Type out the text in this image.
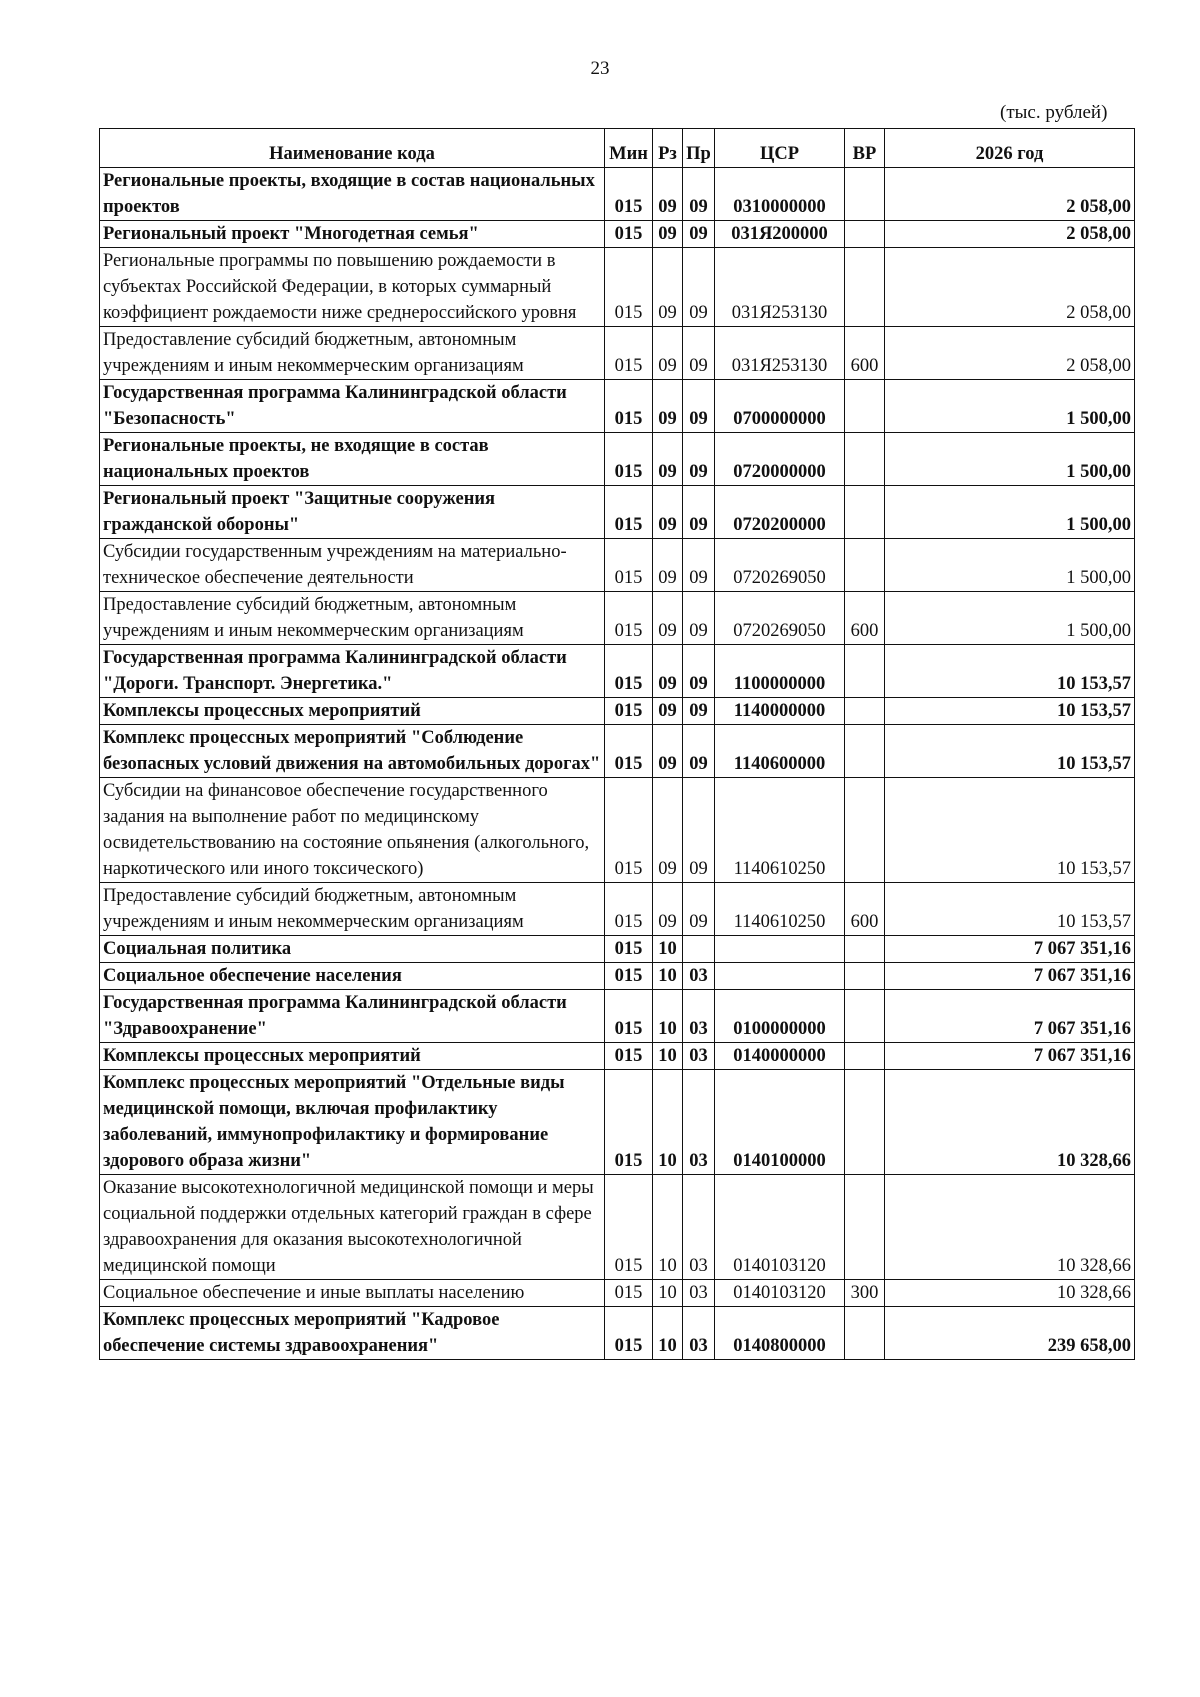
23
(тыс. рублей)
Наименование кода	Мин	Рз	Пр	ЦСР	ВР	2026 год
Региональные проекты, входящие в состав национальных проектов	015	09	09	0310000000		2 058,00
Региональный проект "Многодетная семья"	015	09	09	031Я200000		2 058,00
Региональные программы по повышению рождаемости в субъектах Российской Федерации, в которых суммарный коэффициент рождаемости ниже среднероссийского уровня	015	09	09	031Я253130		2 058,00
Предоставление субсидий бюджетным, автономным учреждениям и иным некоммерческим организациям	015	09	09	031Я253130	600	2 058,00
Государственная программа Калининградской области "Безопасность"	015	09	09	0700000000		1 500,00
Региональные проекты, не входящие в состав национальных проектов	015	09	09	0720000000		1 500,00
Региональный проект "Защитные сооружения гражданской обороны"	015	09	09	0720200000		1 500,00
Субсидии государственным учреждениям на материально-техническое обеспечение деятельности	015	09	09	0720269050		1 500,00
Предоставление субсидий бюджетным, автономным учреждениям и иным некоммерческим организациям	015	09	09	0720269050	600	1 500,00
Государственная программа Калининградской области "Дороги. Транспорт. Энергетика."	015	09	09	1100000000		10 153,57
Комплексы процессных мероприятий	015	09	09	1140000000		10 153,57
Комплекс процессных мероприятий "Соблюдение безопасных условий движения на автомобильных дорогах"	015	09	09	1140600000		10 153,57
Субсидии на финансовое обеспечение государственного задания на выполнение работ по медицинскому освидетельствованию на состояние опьянения (алкогольного, наркотического или иного токсического)	015	09	09	1140610250		10 153,57
Предоставление субсидий бюджетным, автономным учреждениям и иным некоммерческим организациям	015	09	09	1140610250	600	10 153,57
Социальная политика	015	10				7 067 351,16
Социальное обеспечение населения	015	10	03			7 067 351,16
Государственная программа Калининградской области "Здравоохранение"	015	10	03	0100000000		7 067 351,16
Комплексы процессных мероприятий	015	10	03	0140000000		7 067 351,16
Комплекс процессных мероприятий "Отдельные виды медицинской помощи, включая профилактику заболеваний, иммунопрофилактику и формирование здорового образа жизни"	015	10	03	0140100000		10 328,66
Оказание высокотехнологичной медицинской помощи и меры социальной поддержки отдельных категорий граждан в сфере здравоохранения для оказания высокотехнологичной медицинской помощи	015	10	03	0140103120		10 328,66
Социальное обеспечение и иные выплаты населению	015	10	03	0140103120	300	10 328,66
Комплекс процессных мероприятий "Кадровое обеспечение системы здравоохранения"	015	10	03	0140800000		239 658,00
